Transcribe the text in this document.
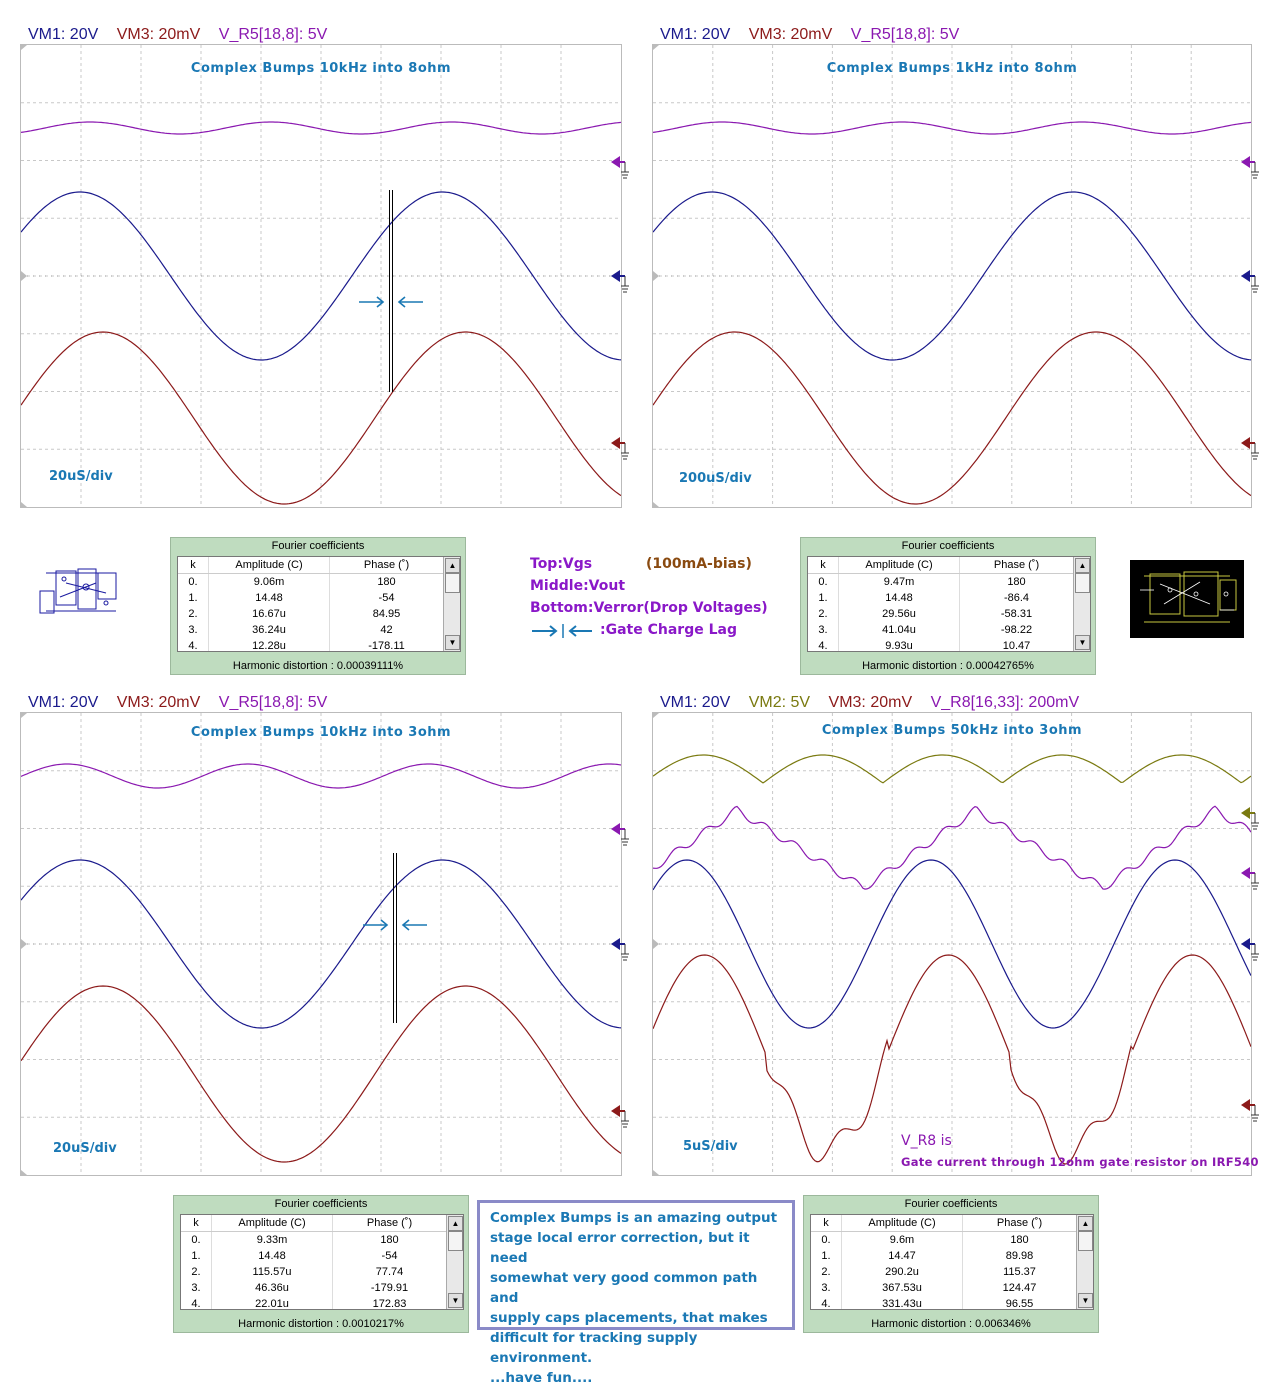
VM1: 20V VM3: 20mV V_R5[18,8]: 5V
Complex Bumps 10kHz into 8ohm
20uS/div
VM1: 20V VM3: 20mV V_R5[18,8]: 5V
Complex Bumps 1kHz into 8ohm
200uS/div
Fourier coefficients
k	Amplitude (C)	Phase (˚)
0.	9.06m	180
1.	14.48	-54
2.	16.67u	84.95
3.	36.24u	42
4.	12.28u	-178.11
▲
▼
Harmonic distortion : 0.00039111%
Top:Vgs	(100mA-bias)
Middle:Vout
Bottom:Verror(Drop Voltages)
:Gate Charge Lag
Fourier coefficients
k	Amplitude (C)	Phase (˚)
0.	9.47m	180
1.	14.48	-86.4
2.	29.56u	-58.31
3.	41.04u	-98.22
4.	9.93u	10.47
▲
▼
Harmonic distortion : 0.00042765%
VM1: 20V VM3: 20mV V_R5[18,8]: 5V
Complex Bumps 10kHz into 3ohm
20uS/div
VM1: 20V VM2: 5V VM3: 20mV V_R8[16,33]: 200mV
Complex Bumps 50kHz into 3ohm
5uS/div	V_R8 is
Gate current through 12ohm gate resistor on IRF540
Fourier coefficients
k	Amplitude (C)	Phase (˚)
0.	9.33m	180
1.	14.48	-54
2.	115.57u	77.74
3.	46.36u	-179.91
4.	22.01u	172.83
▲
▼
Harmonic distortion : 0.0010217%
Complex Bumps is an amazing output
stage local error correction, but it need
somewhat very good common path and
supply caps placements, that makes
difficult for tracking supply environment.
...have fun....
Fourier coefficients
k	Amplitude (C)	Phase (˚)
0.	9.6m	180
1.	14.47	89.98
2.	290.2u	115.37
3.	367.53u	124.47
4.	331.43u	96.55
▲
▼
Harmonic distortion : 0.006346%
